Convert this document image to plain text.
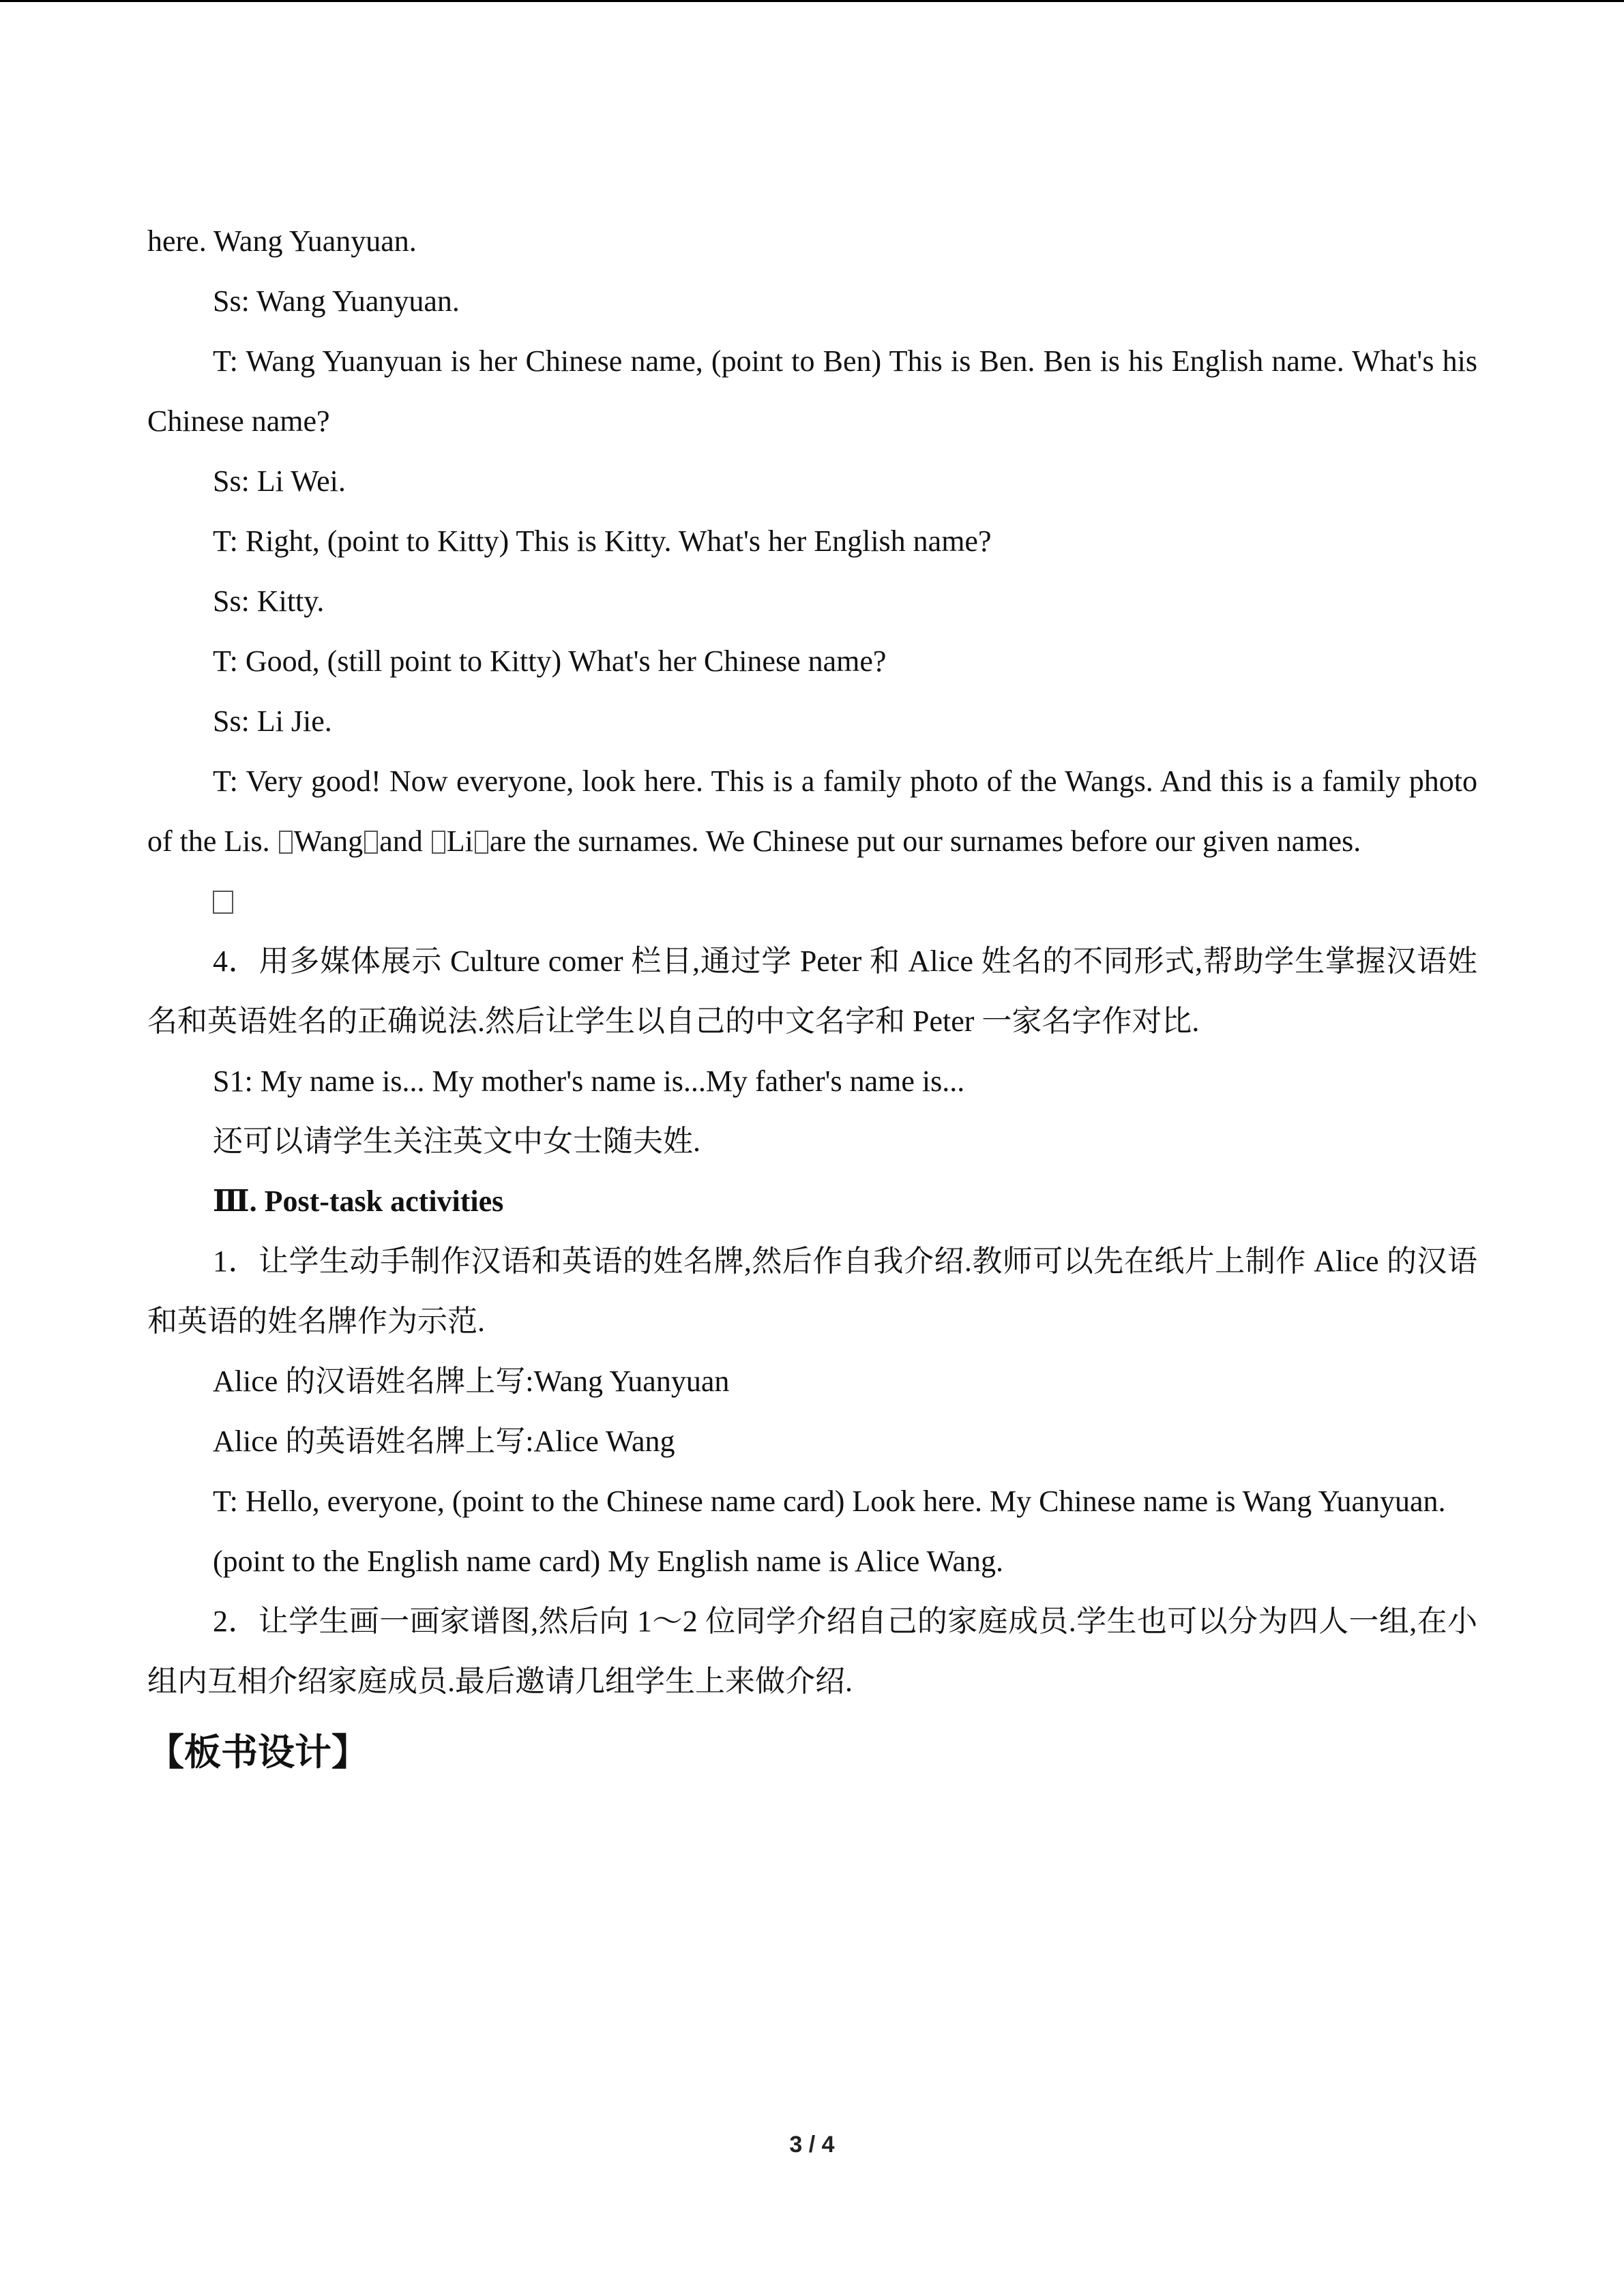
here. Wang Yuanyuan.

Ss: Wang Yuanyuan.

T: Wang Yuanyuan is her Chinese name, (point to Ben) This is Ben. Ben is his English name. What's his Chinese name?

Ss: Li Wei.

T: Right, (point to Kitty) This is Kitty. What's her English name?

Ss: Kitty.

T: Good, (still point to Kitty) What's her Chinese name?

Ss: Li Jie.

T: Very good! Now everyone, look here. This is a family photo of the Wangs. And this is a family photo of the Lis. Wang and Li are the surnames. We Chinese put our surnames before our given names.

4．用多媒体展示 Culture comer 栏目,通过学 Peter 和 Alice 姓名的不同形式,帮助学生掌握汉语姓名和英语姓名的正确说法.然后让学生以自己的中文名字和 Peter 一家名字作对比.

S1: My name is... My mother's name is...My father's name is...

还可以请学生关注英文中女士随夫姓.

Ⅲ. Post-task activities

1．让学生动手制作汉语和英语的姓名牌,然后作自我介绍.教师可以先在纸片上制作 Alice 的汉语和英语的姓名牌作为示范.

Alice 的汉语姓名牌上写:Wang Yuanyuan

Alice 的英语姓名牌上写:Alice Wang

T: Hello, everyone, (point to the Chinese name card) Look here. My Chinese name is Wang Yuanyuan.

(point to the English name card) My English name is Alice Wang.

2．让学生画一画家谱图,然后向 1～2 位同学介绍自己的家庭成员.学生也可以分为四人一组,在小组内互相介绍家庭成员.最后邀请几组学生上来做介绍.

【板书设计】

3 / 4
